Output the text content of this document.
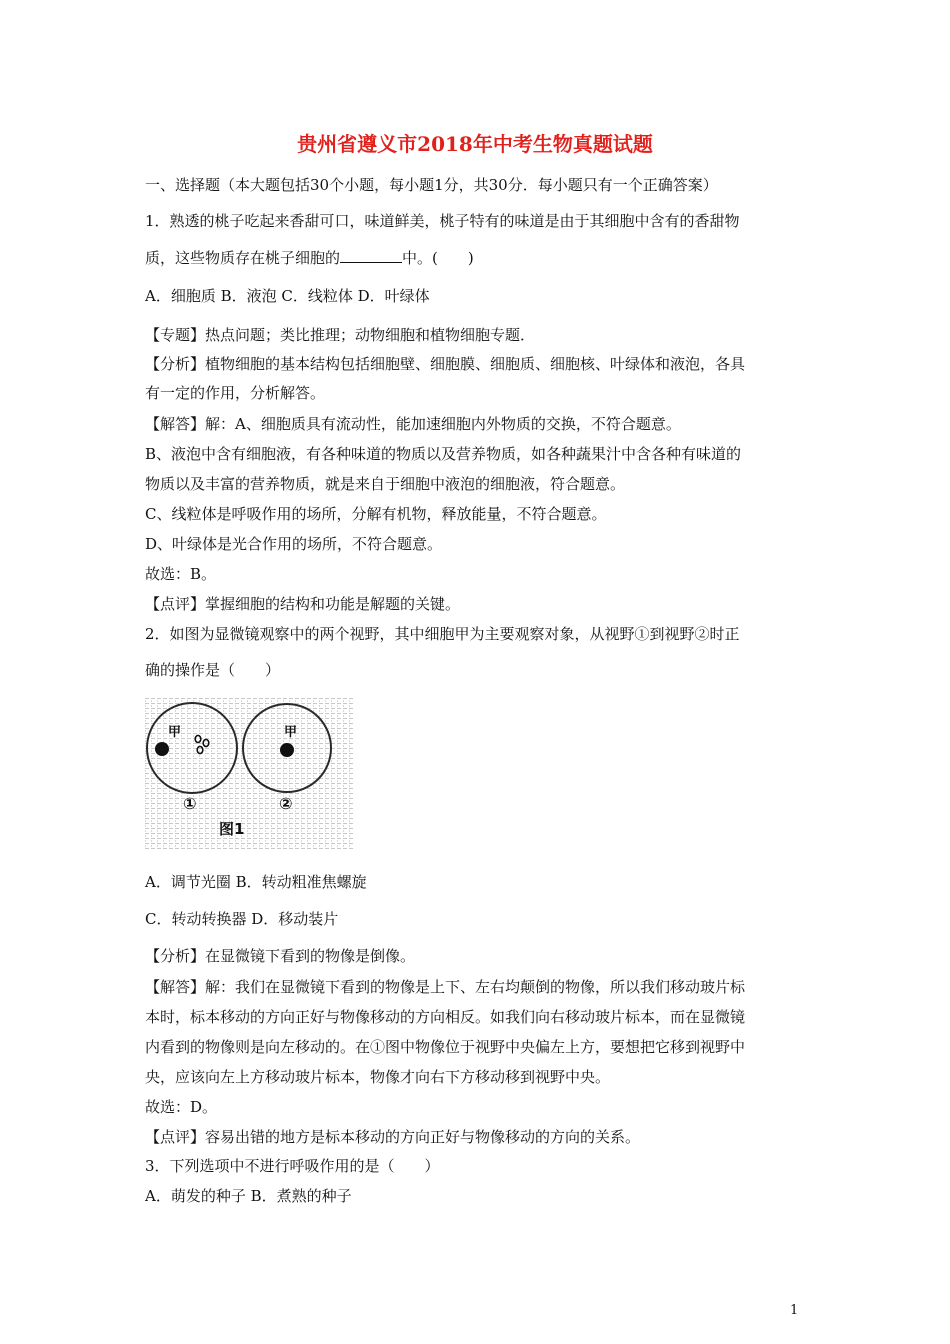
贵州省遵义市2018年中考生物真题试题
一、选择题（本大题包括30个小题，每小题1分，共30分．每小题只有一个正确答案）
1．熟透的桃子吃起来香甜可口，味道鲜美，桃子特有的味道是由于其细胞中含有的香甜物
质，这些物质存在桃子细胞的	中。(　　)
A．细胞质 B．液泡 C．线粒体 D．叶绿体
【专题】热点问题；类比推理；动物细胞和植物细胞专题．
【分析】植物细胞的基本结构包括细胞壁、细胞膜、细胞质、细胞核、叶绿体和液泡，各具
有一定的作用，分析解答。
【解答】解：A、细胞质具有流动性，能加速细胞内外物质的交换，不符合题意。
B、液泡中含有细胞液，有各种味道的物质以及营养物质，如各种蔬果汁中含各种有味道的
物质以及丰富的营养物质，就是来自于细胞中液泡的细胞液，符合题意。
C、线粒体是呼吸作用的场所，分解有机物，释放能量，不符合题意。
D、叶绿体是光合作用的场所，不符合题意。
故选：B。
【点评】掌握细胞的结构和功能是解题的关键。
2．如图为显微镜观察中的两个视野，其中细胞甲为主要观察对象，从视野①到视野②时正
确的操作是（　　）
甲
①
甲
②
图1
A．调节光圈 B．转动粗准焦螺旋
C．转动转换器 D．移动装片
【分析】在显微镜下看到的物像是倒像。
【解答】解：我们在显微镜下看到的物像是上下、左右均颠倒的物像，所以我们移动玻片标
本时，标本移动的方向正好与物像移动的方向相反。如我们向右移动玻片标本，而在显微镜
内看到的物像则是向左移动的。在①图中物像位于视野中央偏左上方，要想把它移到视野中
央，应该向左上方移动玻片标本，物像才向右下方移动移到视野中央。
故选：D。
【点评】容易出错的地方是标本移动的方向正好与物像移动的方向的关系。
3．下列选项中不进行呼吸作用的是（　　）
A．萌发的种子 B．煮熟的种子
1
